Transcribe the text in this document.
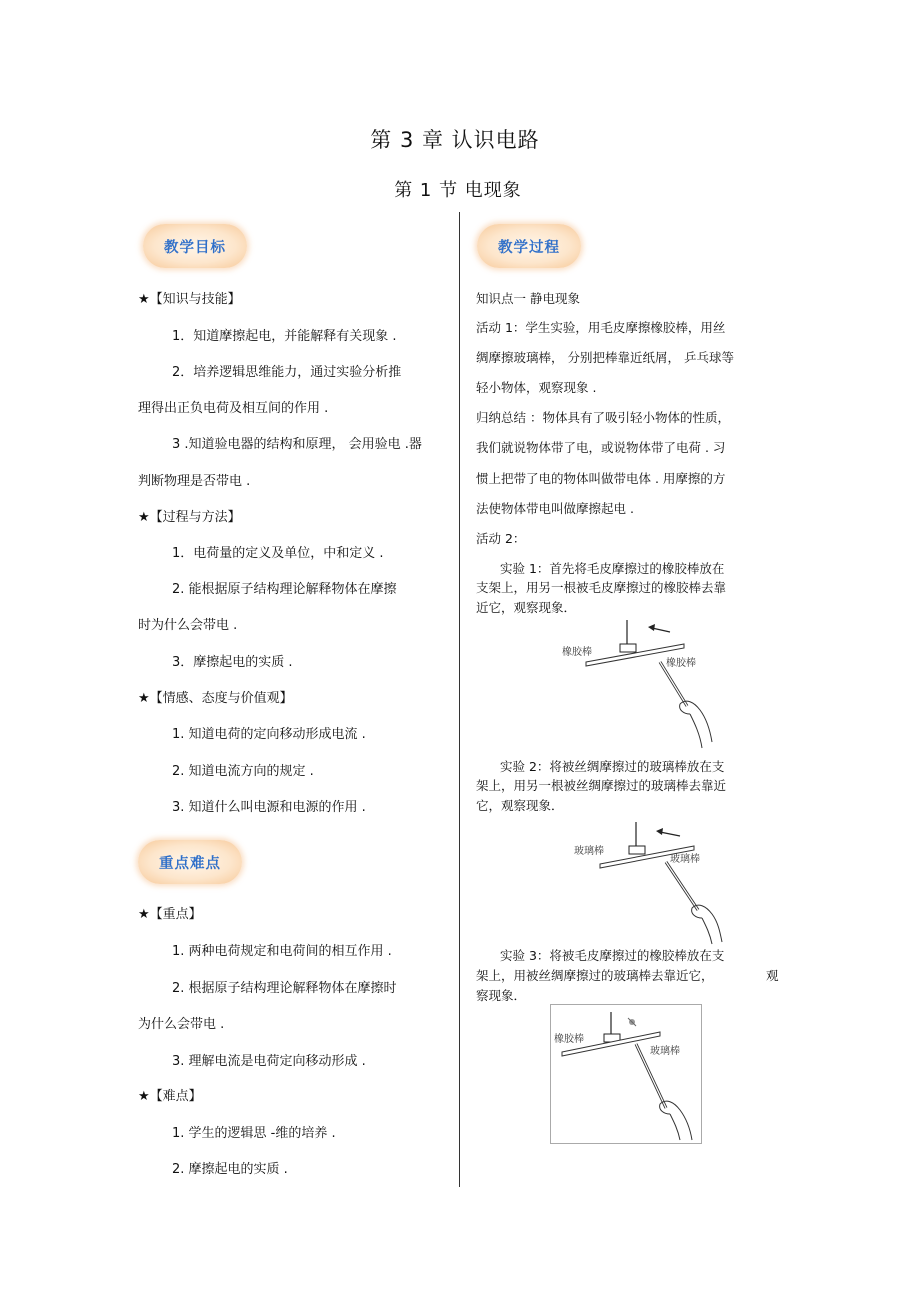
第 3 章 认识电路
第 1 节 电现象
教学目标
★【知识与技能】
1．知道摩擦起电，并能解释有关现象 .
2．培养逻辑思维能力，通过实验分析推
理得出正负电荷及相互间的作用 .
3 .知道验电器的结构和原理， 会用验电 .器
判断物理是否带电 .
★【过程与方法】
1．电荷量的定义及单位，中和定义 .
2. 能根据原子结构理论解释物体在摩擦
时为什么会带电 .
3．摩擦起电的实质 .
★【情感、态度与价值观】
1. 知道电荷的定向移动形成电流 .
2. 知道电流方向的规定 .
3. 知道什么叫电源和电源的作用 .
重点难点
★【重点】
1. 两种电荷规定和电荷间的相互作用 .
2. 根据原子结构理论解释物体在摩擦时
为什么会带电 .
3. 理解电流是电荷定向移动形成 .
★【难点】
1. 学生的逻辑思 -维的培养 .
2. 摩擦起电的实质 .
教学过程
知识点一 静电现象
活动 1：学生实验，用毛皮摩擦橡胶棒，用丝
绸摩擦玻璃棒， 分别把棒靠近纸屑， 乒乓球等
轻小物体，观察现象 .
归纳总结 ：物体具有了吸引轻小物体的性质，
我们就说物体带了电，或说物体带了电荷 . 习
惯上把带了电的物体叫做带电体 . 用摩擦的方
法使物体带电叫做摩擦起电 .
活动 2：
实验 1：首先将毛皮摩擦过的橡胶棒放在
支架上，用另一根被毛皮摩擦过的橡胶棒去靠
近它，观察现象．
橡胶棒
橡胶棒
实验 2：将被丝绸摩擦过的玻璃棒放在支
架上，用另一根被丝绸摩擦过的玻璃棒去靠近
它，观察现象．
玻璃棒
玻璃棒
实验 3：将被毛皮摩擦过的橡胶棒放在支
架上，用被丝绸摩擦过的玻璃棒去靠近它，	观
察现象．
橡胶棒
玻璃棒
